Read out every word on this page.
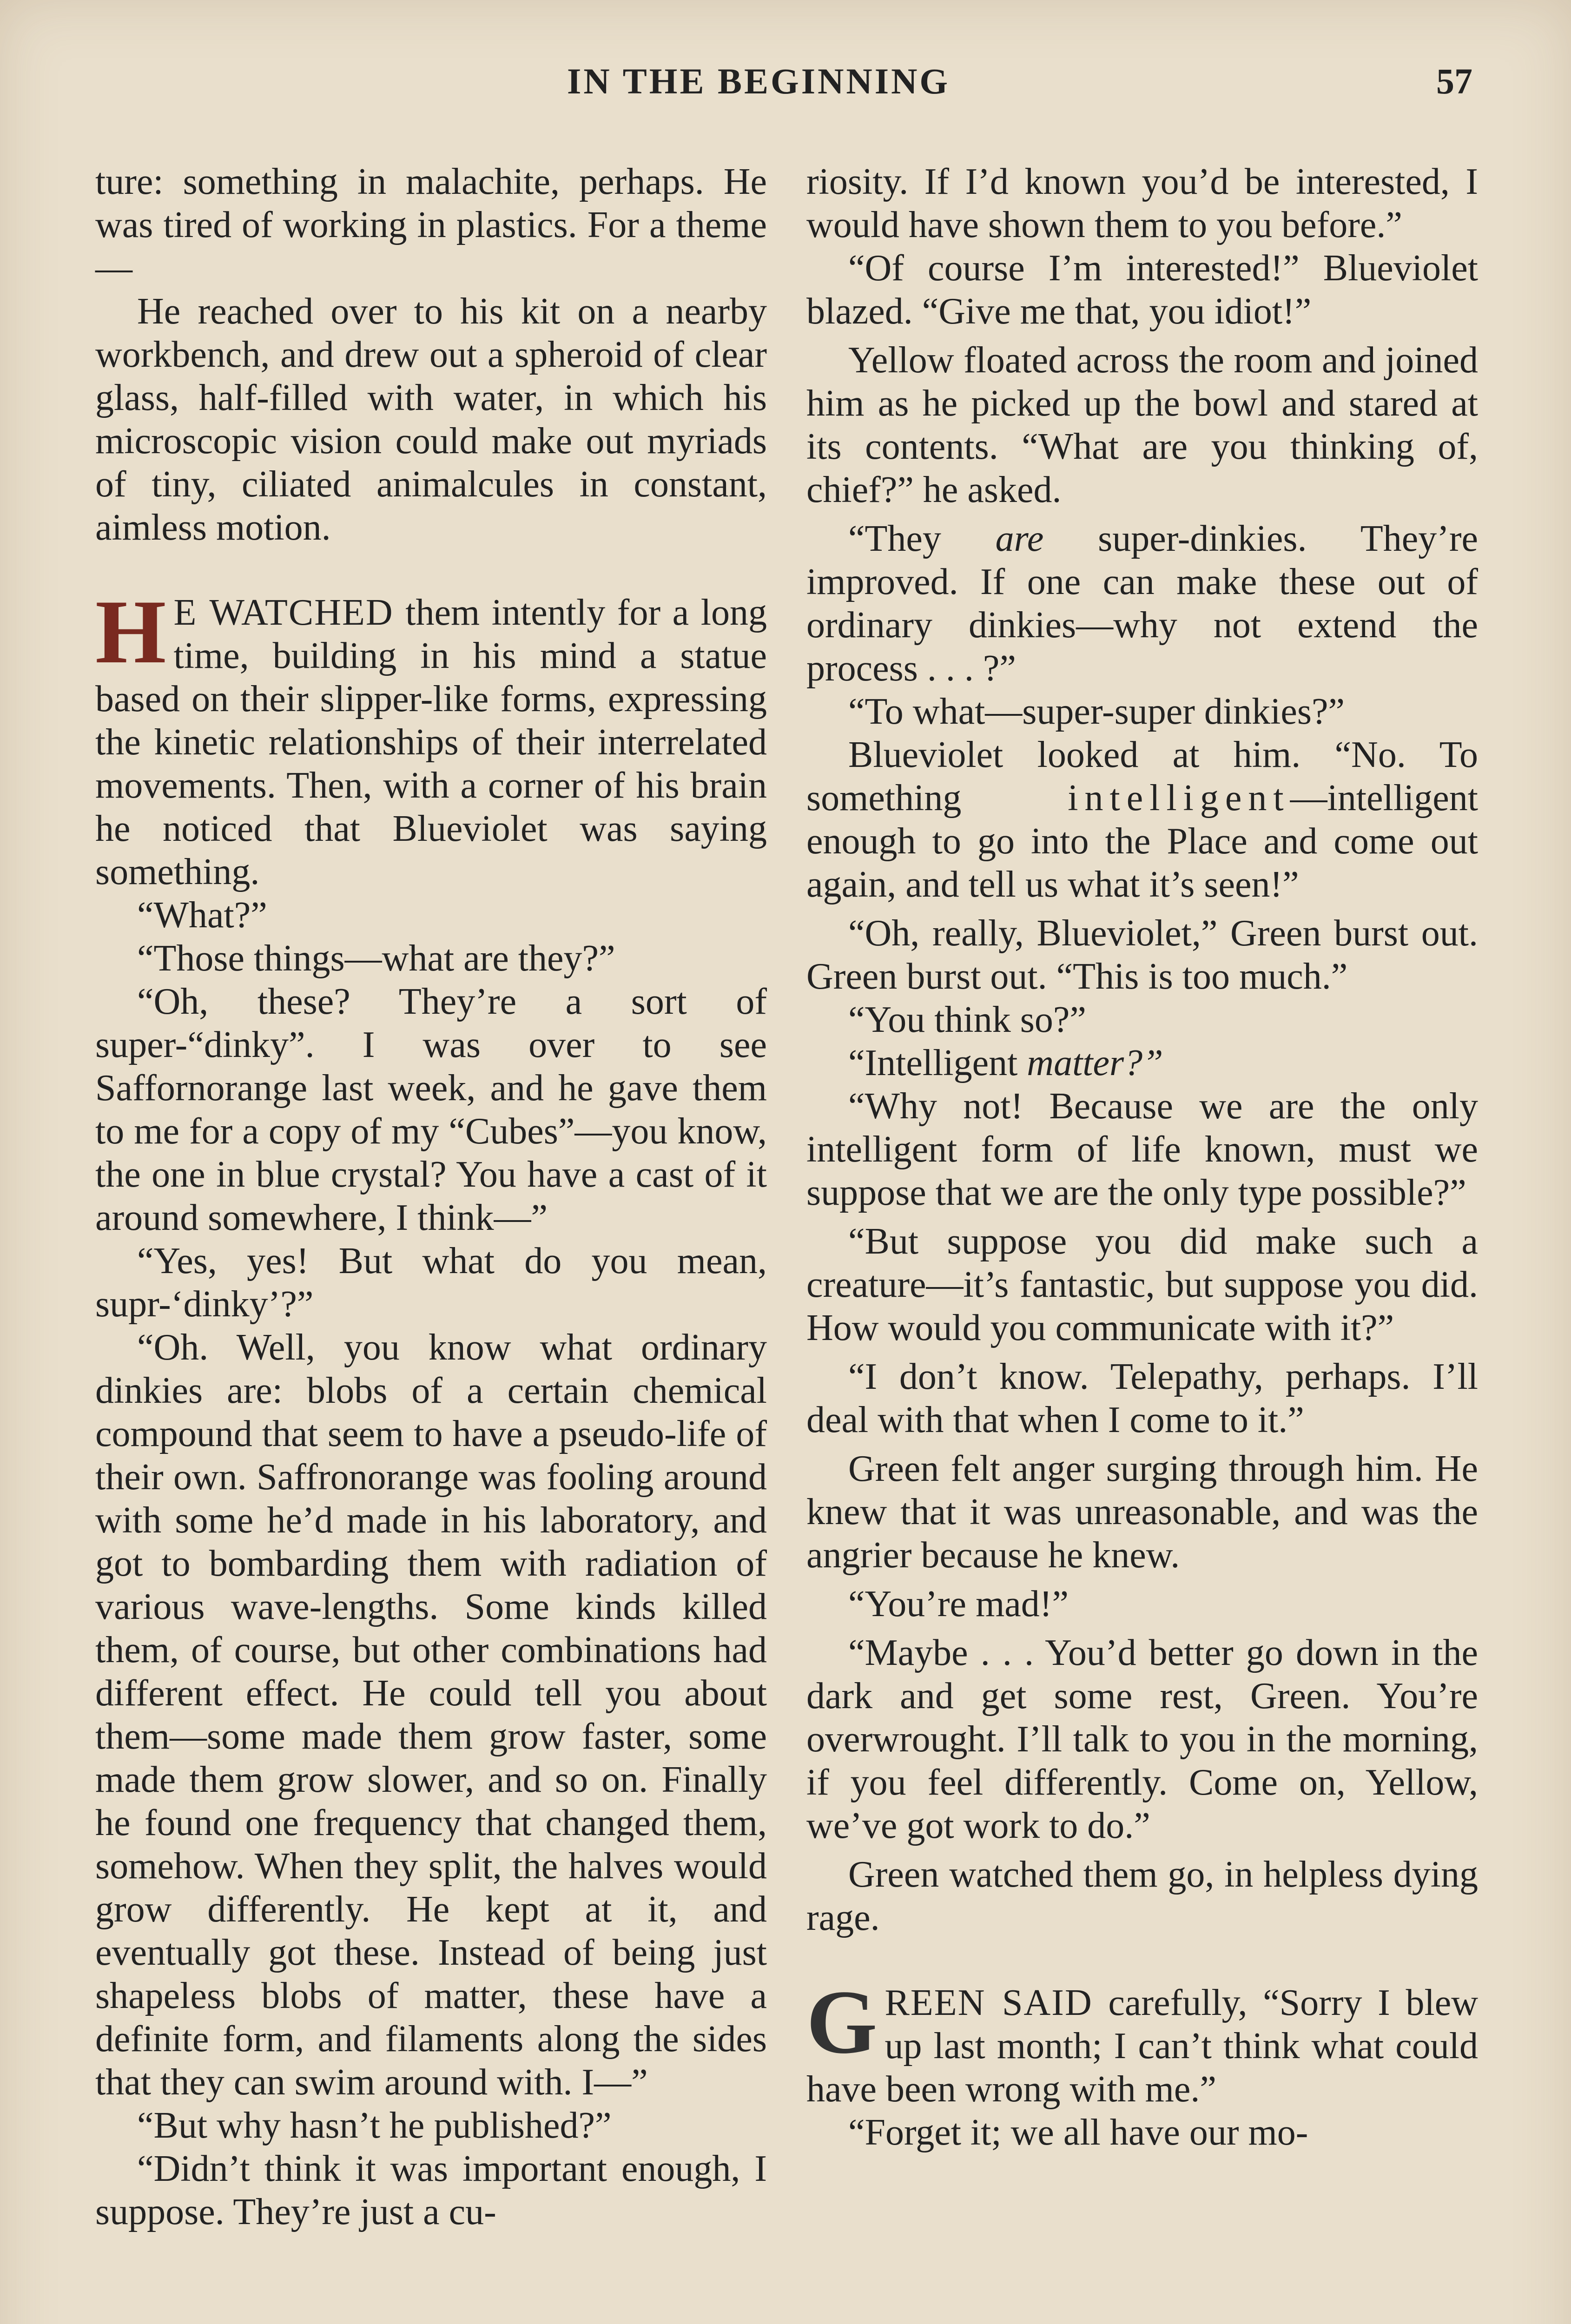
IN THE BEGINNING	57

ture: something in malachite, perhaps. He was tired of working in plastics. For a theme—

He reached over to his kit on a nearby workbench, and drew out a spheroid of clear glass, half-filled with water, in which his microscopic vision could make out myriads of tiny, ciliated animalcules in constant, aimless motion.

H E WATCHED them intently for a long time, building in his mind a statue based on their slipper-like forms, expressing the kinetic relationships of their interrelated movements. Then, with a corner of his brain he noticed that Blueviolet was saying something.

“What?”

“Those things—what are they?”

“Oh, these? They’re a sort of super-“dinky”. I was over to see Saffornorange last week, and he gave them to me for a copy of my “Cubes”—you know, the one in blue crystal? You have a cast of it around somewhere, I think—”

“Yes, yes! But what do you mean, supr-‘dinky’?”

“Oh. Well, you know what ordinary dinkies are: blobs of a certain chemical compound that seem to have a pseudo-life of their own. Saffronorange was fooling around with some he’d made in his laboratory, and got to bombarding them with radiation of various wave-lengths. Some kinds killed them, of course, but other combinations had different effect. He could tell you about them—some made them grow faster, some made them grow slower, and so on. Finally he found one frequency that changed them, somehow. When they split, the halves would grow differently. He kept at it, and eventually got these. Instead of being just shapeless blobs of matter, these have a definite form, and filaments along the sides that they can swim around with. I—”

“But why hasn’t he published?”

“Didn’t think it was important enough, I suppose. They’re just a cu-

riosity. If I’d known you’d be interested, I would have shown them to you before.”

“Of course I’m interested!” Blueviolet blazed. “Give me that, you idiot!”

Yellow floated across the room and joined him as he picked up the bowl and stared at its contents. “What are you thinking of, chief?” he asked.

“They are super-dinkies. They’re improved. If one can make these out of ordinary dinkies—why not extend the process . . . ?”

“To what—super-super dinkies?”

Blueviolet looked at him. “No. To something intelligent—intelligent enough to go into the Place and come out again, and tell us what it’s seen!”

“Oh, really, Blueviolet,” Green burst out. Green burst out. “This is too much.”

“You think so?”

“Intelligent matter?”

“Why not! Because we are the only intelligent form of life known, must we suppose that we are the only type possible?”

“But suppose you did make such a creature—it’s fantastic, but suppose you did. How would you communicate with it?”

“I don’t know. Telepathy, perhaps. I’ll deal with that when I come to it.”

Green felt anger surging through him. He knew that it was unreasonable, and was the angrier because he knew.

“You’re mad!”

“Maybe . . . You’d better go down in the dark and get some rest, Green. You’re overwrought. I’ll talk to you in the morning, if you feel differently. Come on, Yellow, we’ve got work to do.”

Green watched them go, in helpless dying rage.

GREEN SAID carefully, “Sorry I blew up last month; I can’t think what could have been wrong with me.”

“Forget it; we all have our mo-
